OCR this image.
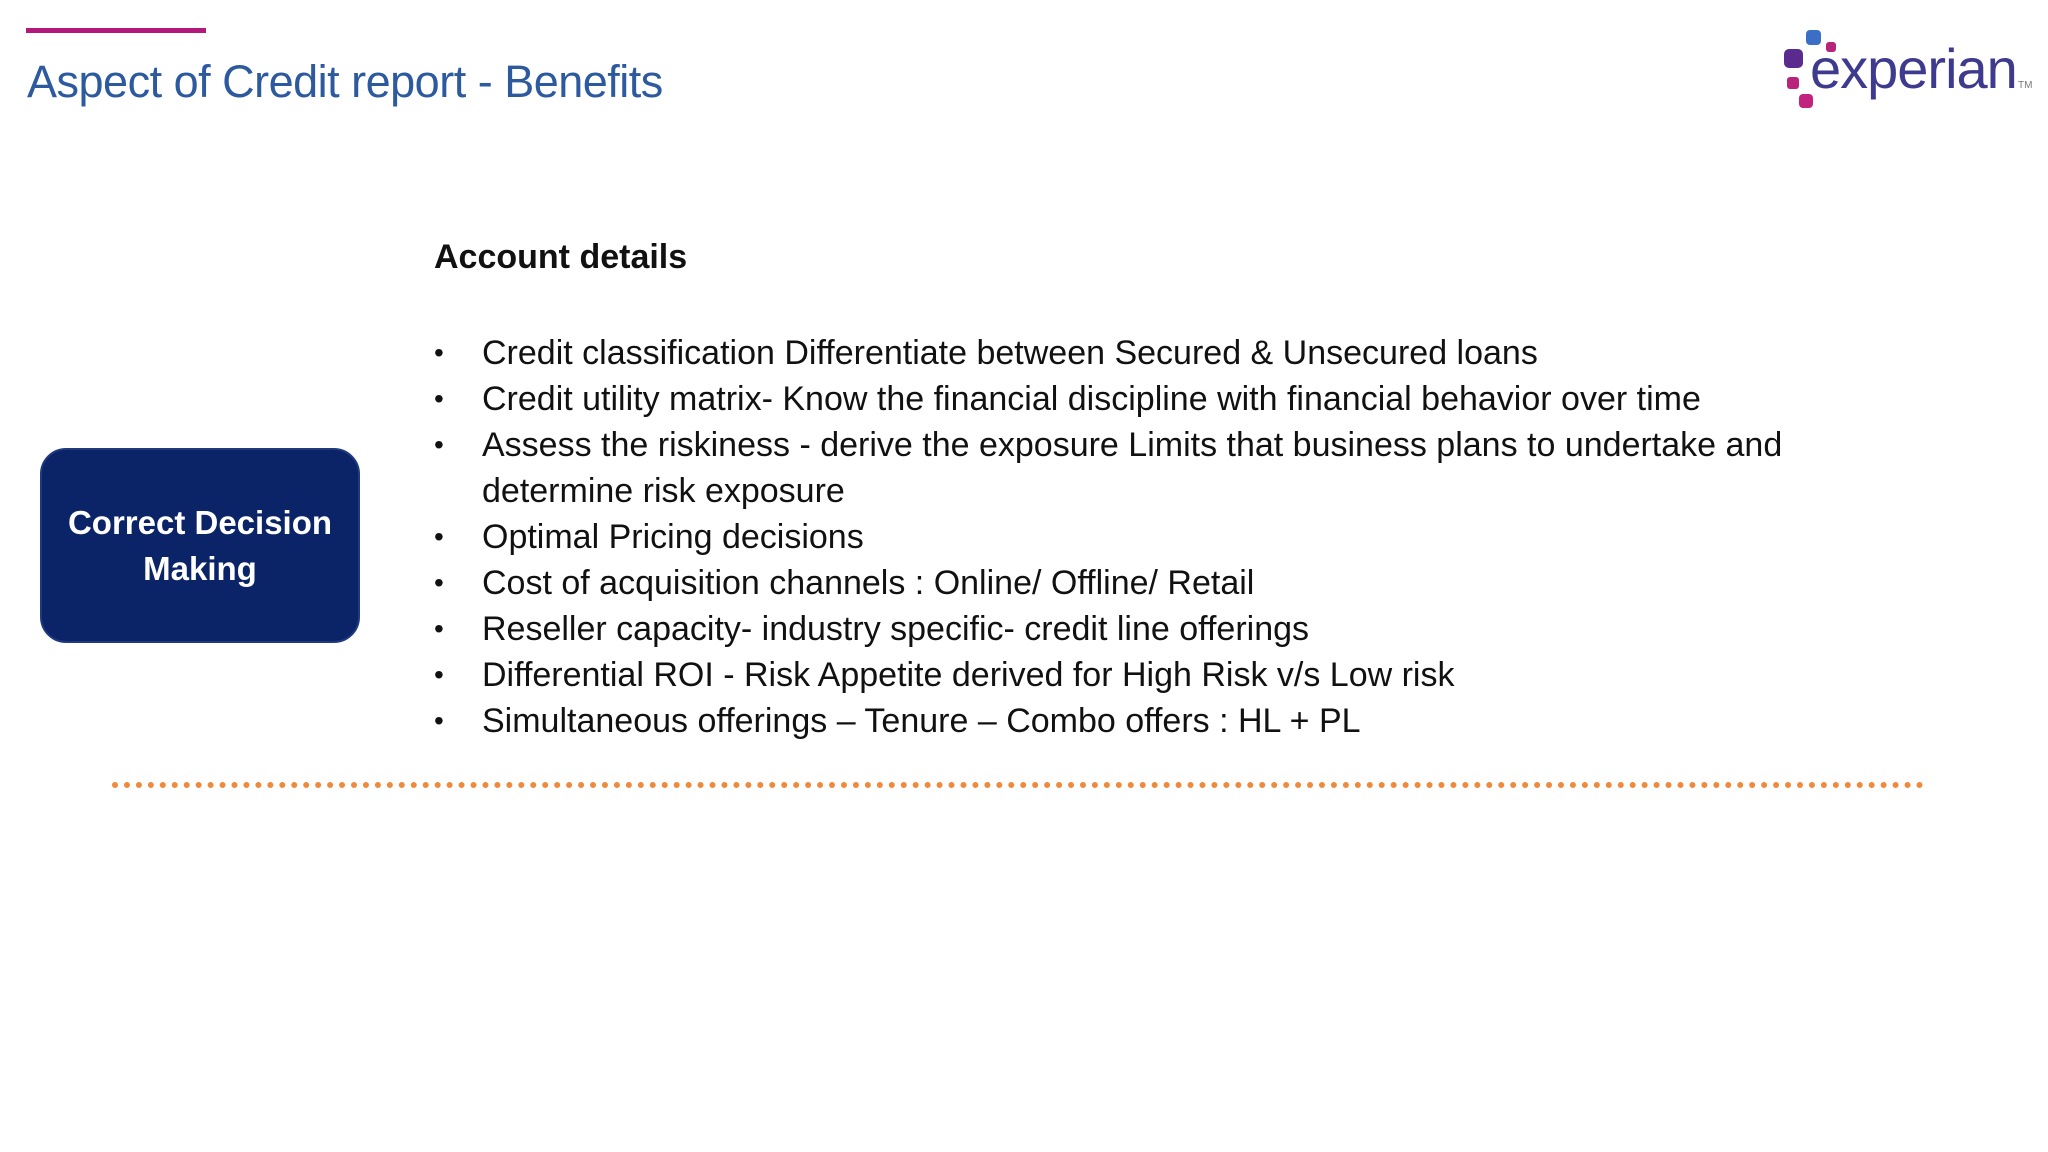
Aspect of Credit report - Benefits	experian TM
Correct Decision Making
Account details
•	Credit classification Differentiate between Secured & Unsecured loans
•	Credit utility matrix- Know the financial discipline with financial behavior over time
•	Assess the riskiness - derive the exposure Limits that business plans to undertake and determine risk exposure
•	Optimal Pricing decisions
•	Cost of acquisition channels : Online/ Offline/ Retail
•	Reseller capacity- industry specific- credit line offerings
•	Differential ROI - Risk Appetite derived for High Risk v/s Low risk
•	Simultaneous offerings – Tenure – Combo offers : HL + PL
